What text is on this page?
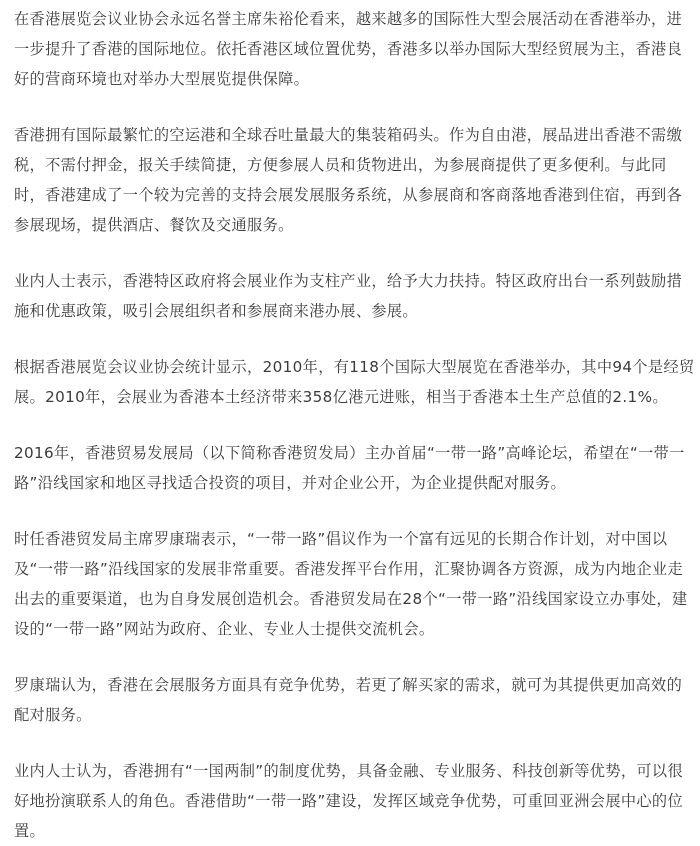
在香港展览会议业协会永远名誉主席朱裕伦看来，越来越多的国际性大型会展活动在香港举办，进一步提升了香港的国际地位。依托香港区域位置优势，香港多以举办国际大型经贸展为主，香港良好的营商环境也对举办大型展览提供保障。

香港拥有国际最繁忙的空运港和全球吞吐量最大的集装箱码头。作为自由港，展品进出香港不需缴税，不需付押金，报关手续简捷，方便参展人员和货物进出，为参展商提供了更多便利。与此同时，香港建成了一个较为完善的支持会展发展服务系统，从参展商和客商落地香港到住宿，再到各参展现场，提供酒店、餐饮及交通服务。

业内人士表示，香港特区政府将会展业作为支柱产业，给予大力扶持。特区政府出台一系列鼓励措施和优惠政策，吸引会展组织者和参展商来港办展、参展。

根据香港展览会议业协会统计显示，2010年，有118个国际大型展览在香港举办，其中94个是经贸展。2010年，会展业为香港本土经济带来358亿港元进账，相当于香港本土生产总值的2.1%。

2016年，香港贸易发展局（以下简称香港贸发局）主办首届“一带一路”高峰论坛，希望在“一带一路”沿线国家和地区寻找适合投资的项目，并对企业公开，为企业提供配对服务。

时任香港贸发局主席罗康瑞表示，“一带一路”倡议作为一个富有远见的长期合作计划，对中国以及“一带一路”沿线国家的发展非常重要。香港发挥平台作用，汇聚协调各方资源，成为内地企业走出去的重要渠道，也为自身发展创造机会。香港贸发局在28个“一带一路”沿线国家设立办事处，建设的“一带一路”网站为政府、企业、专业人士提供交流机会。

罗康瑞认为，香港在会展服务方面具有竞争优势，若更了解买家的需求，就可为其提供更加高效的配对服务。

业内人士认为，香港拥有“一国两制”的制度优势，具备金融、专业服务、科技创新等优势，可以很好地扮演联系人的角色。香港借助“一带一路”建设，发挥区域竞争优势，可重回亚洲会展中心的位置。
